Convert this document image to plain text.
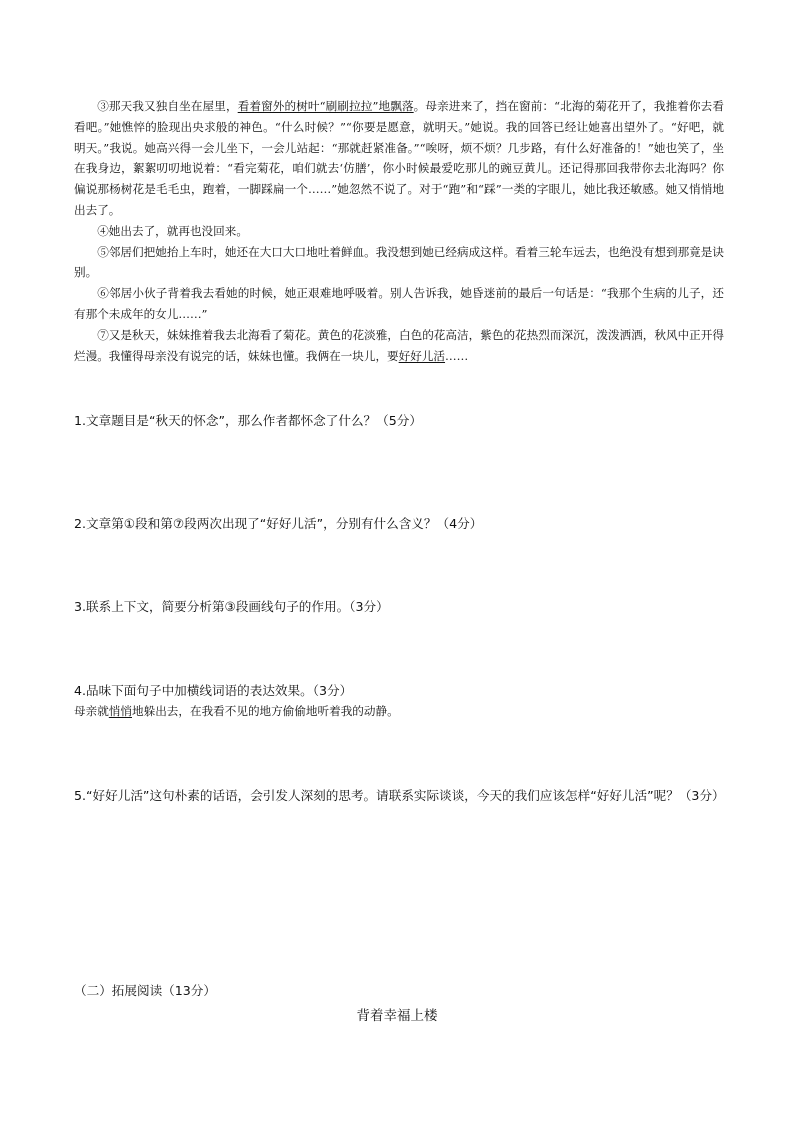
③那天我又独自坐在屋里，看着窗外的树叶“刷刷拉拉”地飘落。母亲进来了，挡在窗前：“北海的菊花开了，我推着你去看看吧。”她憔悴的脸现出央求般的神色。“什么时候？”“你要是愿意，就明天。”她说。我的回答已经让她喜出望外了。“好吧，就明天。”我说。她高兴得一会儿坐下，一会儿站起：“那就赶紧准备。”“唉呀，烦不烦？几步路，有什么好准备的！”她也笑了，坐在我身边，絮絮叨叨地说着：“看完菊花，咱们就去‘仿膳’，你小时候最爱吃那儿的豌豆黄儿。还记得那回我带你去北海吗？你偏说那杨树花是毛毛虫，跑着，一脚踩扁一个……”她忽然不说了。对于“跑”和“踩”一类的字眼儿，她比我还敏感。她又悄悄地出去了。

④她出去了，就再也没回来。

⑤邻居们把她抬上车时，她还在大口大口地吐着鲜血。我没想到她已经病成这样。看着三轮车远去，也绝没有想到那竟是诀别。

⑥邻居小伙子背着我去看她的时候，她正艰难地呼吸着。别人告诉我，她昏迷前的最后一句话是：“我那个生病的儿子，还有那个未成年的女儿……”

⑦又是秋天，妹妹推着我去北海看了菊花。黄色的花淡雅，白色的花高洁，紫色的花热烈而深沉，泼泼洒洒，秋风中正开得烂漫。我懂得母亲没有说完的话，妹妹也懂。我俩在一块儿，要好好儿活……

1.文章题目是“秋天的怀念”，那么作者都怀念了什么？（5分）
2.文章第①段和第⑦段两次出现了“好好儿活”，分别有什么含义？（4分）
3.联系上下文，简要分析第③段画线句子的作用。（3分）
4.品味下面句子中加横线词语的表达效果。（3分）
母亲就悄悄地躲出去，在我看不见的地方偷偷地听着我的动静。
5.“好好儿活”这句朴素的话语，会引发人深刻的思考。请联系实际谈谈，今天的我们应该怎样“好好儿活”呢？（3分）
（二）拓展阅读（13分）
背着幸福上楼
